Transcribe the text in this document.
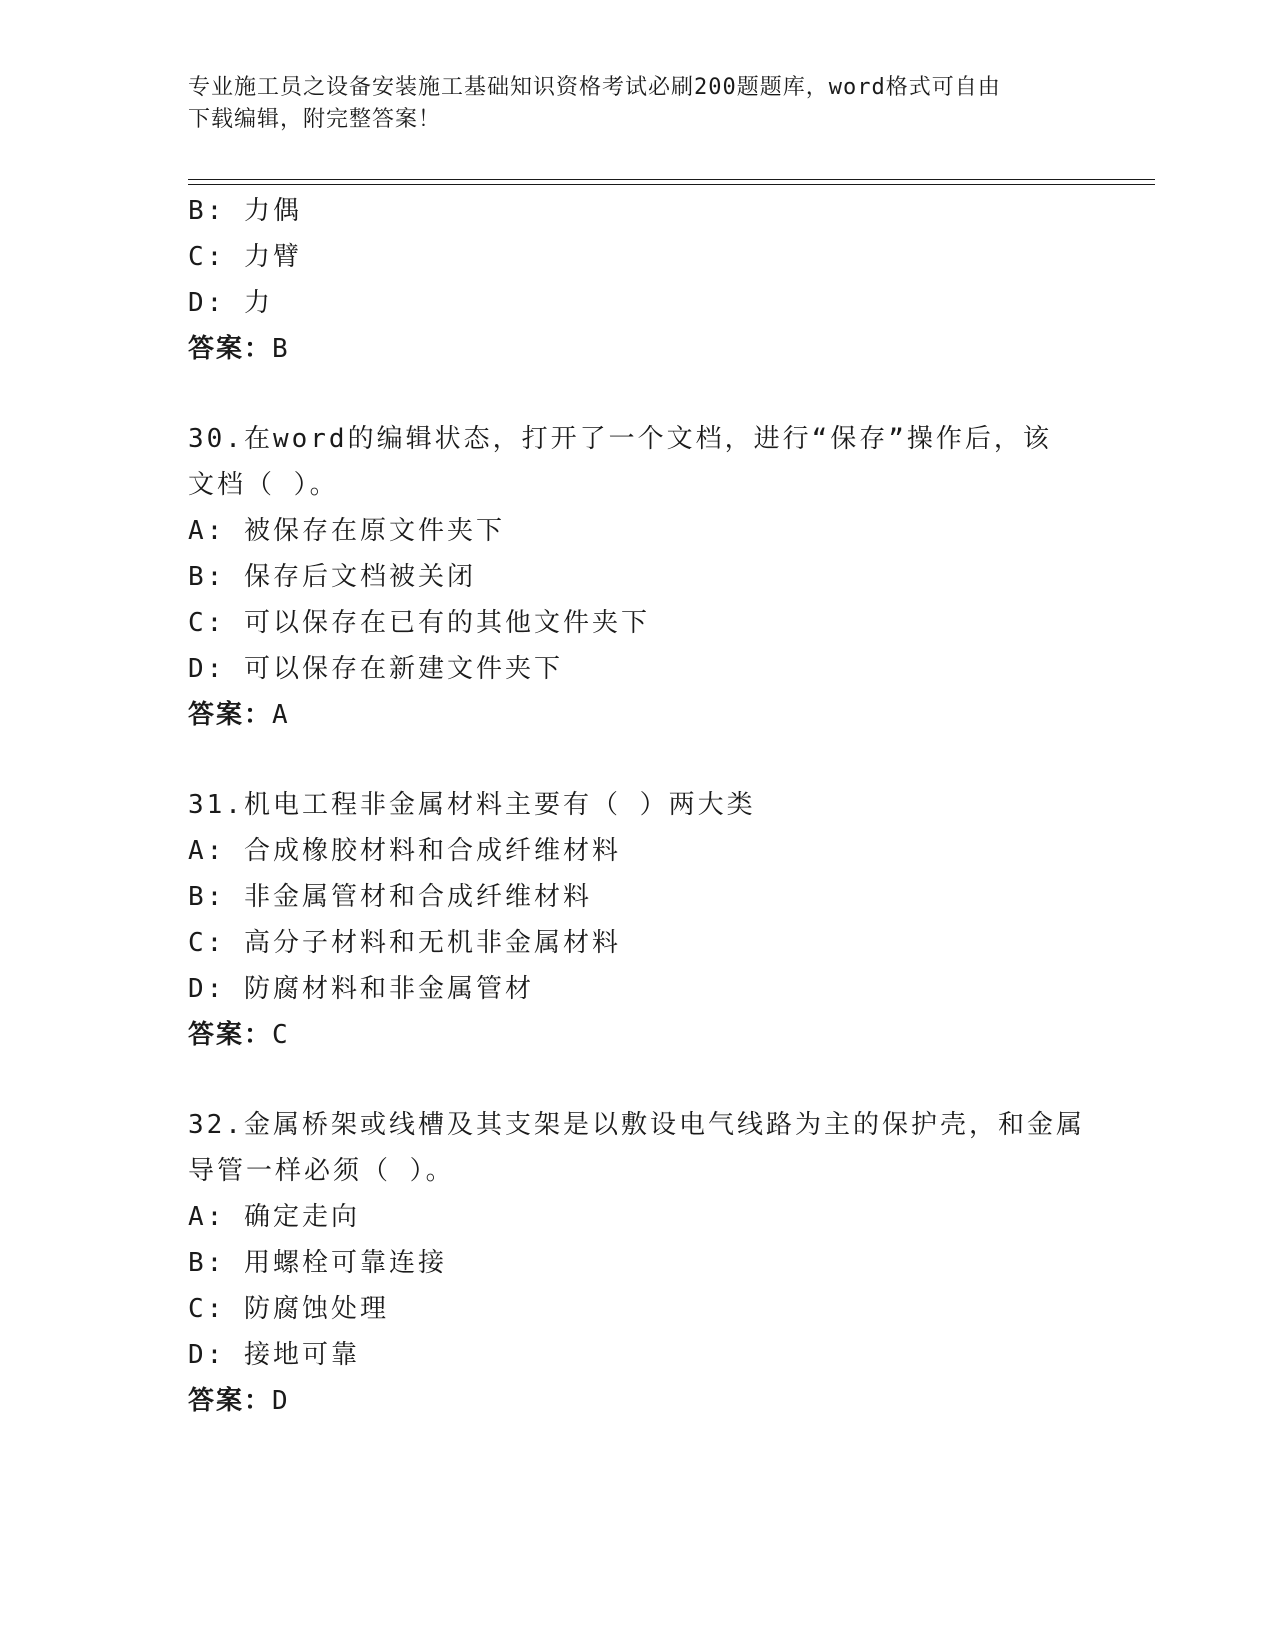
专业施工员之设备安装施工基础知识资格考试必刷200题题库，word格式可自由
下载编辑，附完整答案！
B: 力偶
C: 力臂
D: 力
答案：B
30.在word的编辑状态，打开了一个文档，进行“保存”操作后，该
文档（ ）。
A: 被保存在原文件夹下
B: 保存后文档被关闭
C: 可以保存在已有的其他文件夹下
D: 可以保存在新建文件夹下
答案：A
31.机电工程非金属材料主要有（ ）两大类
A: 合成橡胶材料和合成纤维材料
B: 非金属管材和合成纤维材料
C: 高分子材料和无机非金属材料
D: 防腐材料和非金属管材
答案：C
32.金属桥架或线槽及其支架是以敷设电气线路为主的保护壳，和金属
导管一样必须（ ）。
A: 确定走向
B: 用螺栓可靠连接
C: 防腐蚀处理
D: 接地可靠
答案：D
